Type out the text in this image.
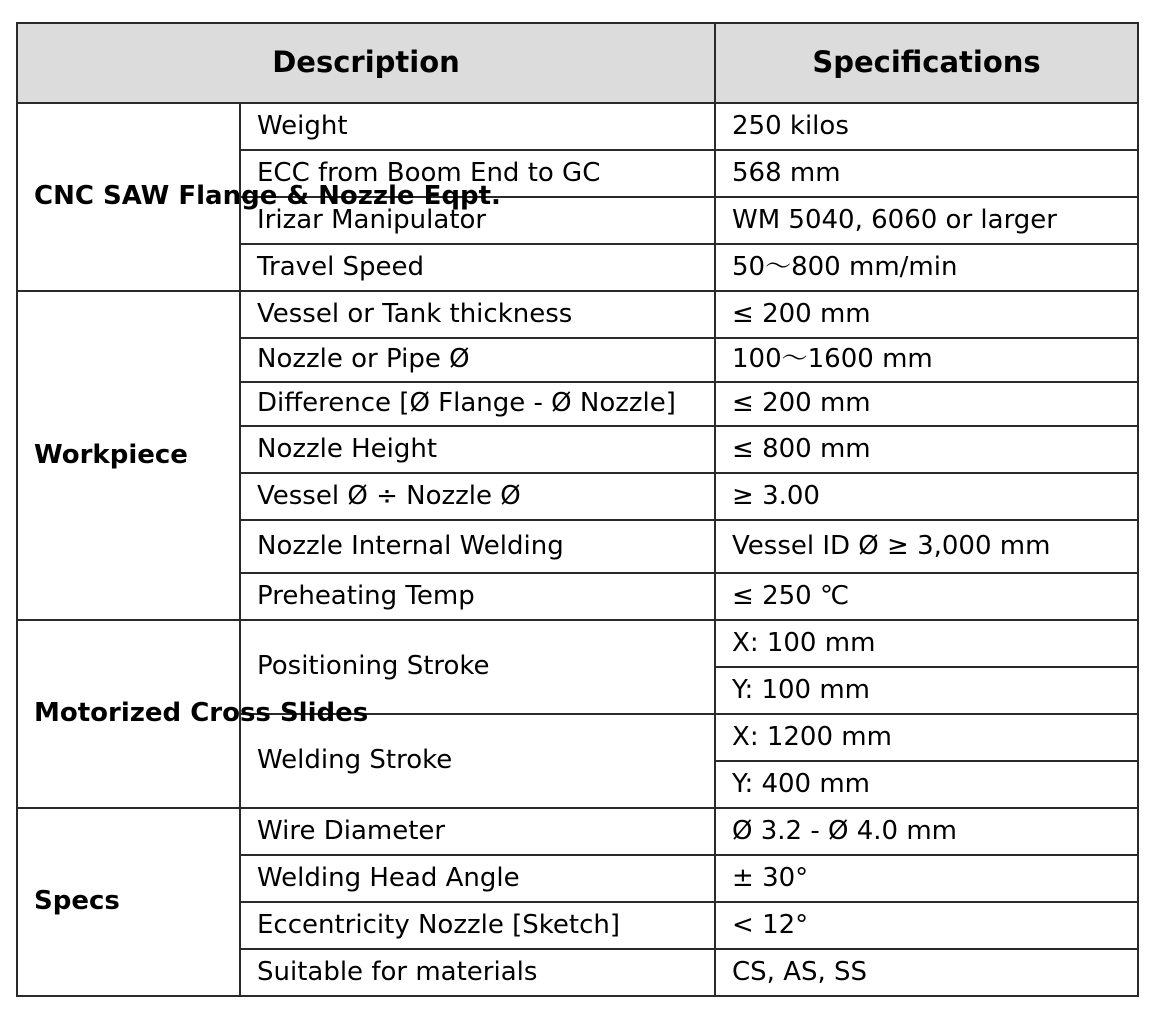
Description		Specifications
CNC SAW Flange & Nozzle Eqpt.	Weight	250 kilos
	ECC from Boom End to GC	568 mm
	Irizar Manipulator	WM 5040, 6060 or larger
	Travel Speed	50～800 mm/min
Workpiece	Vessel or Tank thickness	≤ 200 mm
	Nozzle or Pipe Ø	100～1600 mm
	Difference [Ø Flange - Ø Nozzle]	≤ 200 mm
	Nozzle Height	≤ 800 mm
	Vessel Ø ÷ Nozzle Ø	≥ 3.00
	Nozzle Internal Welding	Vessel ID Ø ≥ 3,000 mm
	Preheating Temp	≤ 250 ℃
Motorized Cross Slides	Positioning Stroke	X: 100 mm
		Y: 100 mm
	Welding Stroke	X: 1200 mm
		Y: 400 mm
Specs	Wire Diameter	Ø 3.2 - Ø 4.0 mm
	Welding Head Angle	± 30°
	Eccentricity Nozzle [Sketch]	< 12°
	Suitable for materials	CS, AS, SS
